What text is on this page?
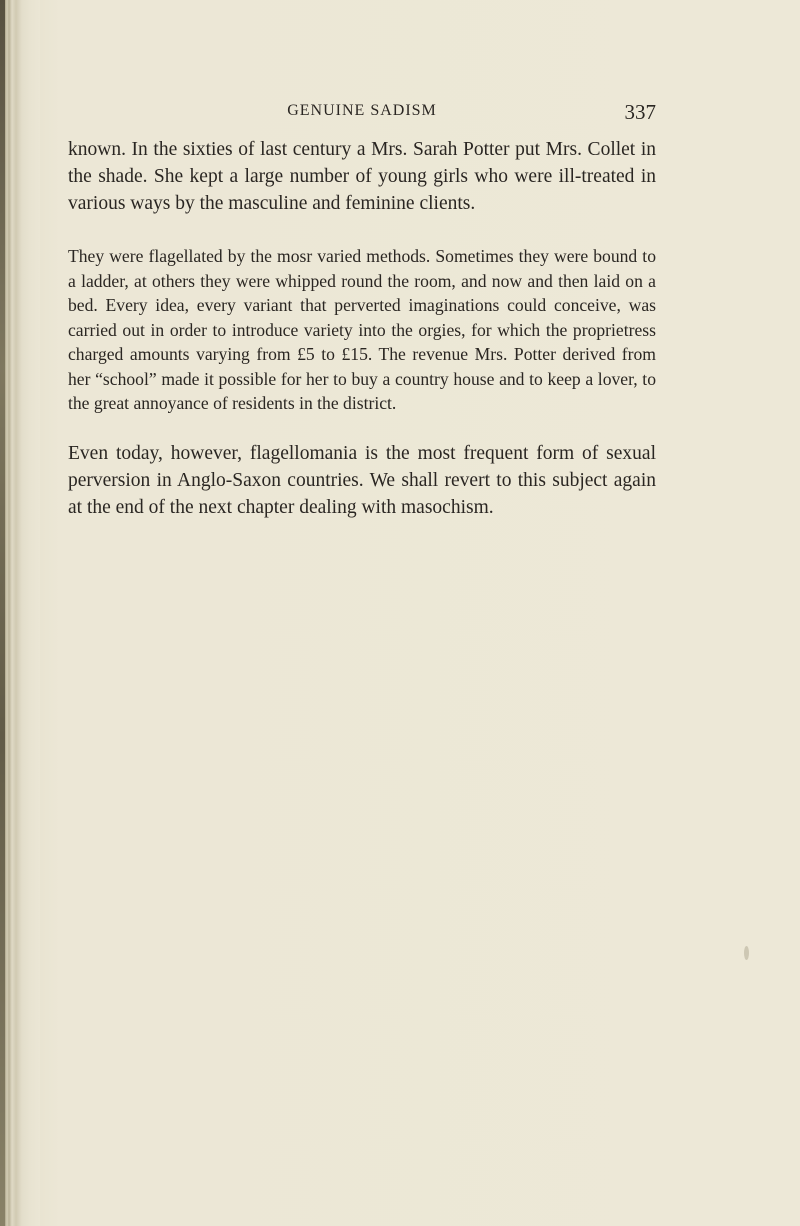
GENUINE SADISM	337

known. In the sixties of last century a Mrs. Sarah Potter put Mrs. Collet in the shade. She kept a large number of young girls who were ill-treated in various ways by the masculine and feminine clients.

They were flagellated by the mosr varied methods. Sometimes they were bound to a ladder, at others they were whipped round the room, and now and then laid on a bed. Every idea, every variant that perverted imaginations could conceive, was carried out in order to introduce variety into the orgies, for which the proprietress charged amounts varying from £5 to £15. The revenue Mrs. Potter derived from her “school” made it possible for her to buy a country house and to keep a lover, to the great annoyance of residents in the district.

Even today, however, flagellomania is the most frequent form of sexual perversion in Anglo-Saxon countries. We shall revert to this subject again at the end of the next chapter dealing with masochism.
